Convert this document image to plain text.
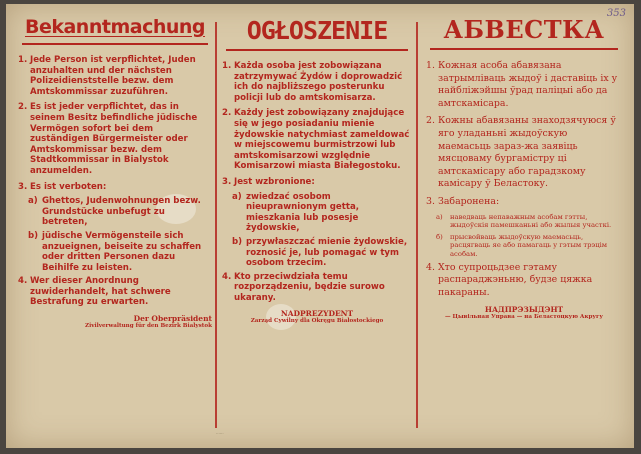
353
Bekanntmachung
1. Jede Person ist verpflichtet, Juden anzuhalten und der nächsten Polizeidienststelle bezw. dem Amtskommissar zuzuführen.
2. Es ist jeder verpflichtet, das in seinem Besitz befindliche jüdische Vermögen sofort bei dem zuständigen Bürgermeister oder Amtskommissar bezw. dem Stadtkommissar in Bialystok anzumelden.
3. Es ist verboten:
a) Ghettos, Judenwohnungen bezw. Grundstücke unbefugt zu betreten,
b) jüdische Vermögensteile sich anzueignen, beiseite zu schaffen oder dritten Personen dazu Beihilfe zu leisten.
4. Wer dieser Anordnung zuwiderhandelt, hat schwere Bestrafung zu erwarten.
Der Oberpräsident
Zivilverwaltung für den Bezirk Bialystok
OGŁOSZENIE
1. Każda osoba jest zobowiązana zatrzymywać Żydów i doprowadzić ich do najbliższego posterunku policji lub do amtskomisarza.
2. Każdy jest zobowiązany znajdujące się w jego posiadaniu mienie żydowskie natychmiast zameldować w miejscowemu burmistrzowi lub amtskomisarzowi względnie Komisarzowi miasta Białegostoku.
3. Jest wzbronione:
a) zwiedzać osobom nieuprawnionym getta, mieszkania lub posesje żydowskie,
b) przywłaszczać mienie żydowskie, roznosić je, lub pomagać w tym osobom trzecim.
4. Kto przeciwdziała temu rozporządzeniu, będzie surowo ukarany.
NADPREZYDENT
Zarząd Cywilny dla Okręgu Białostockiego
АБВЕСТКА
1. Кожная асоба абавязана затрымліваць жыдоў і даставіць іх у найбліжэйшы ўрад паліцыі або да амтскамісара.
2. Кожны абавязаны знаходзячуюся ў яго уладаньні жыдоўскую маемасьць зараз-жа заявіць мясцоваму бургамістру ці амтскамісару або гарадзкому камісару ў Беластоку.
3. Забаронена:
а)	наведваць непаважным асобам гэтты, жыдоўскія памешканьні або жылыя участкі.
б)	прысвойваць жыдоўскую маемасьць, расцягваць яе або памагаць у гэтым трэцім асобам.
4. Хто супроцьдзее гэтаму распараджэньню, будзе цяжка пакараны.
НАДПРЭЗЫДЭНТ
— Цывільная Управа — на Беластоцкую Акругу
......
